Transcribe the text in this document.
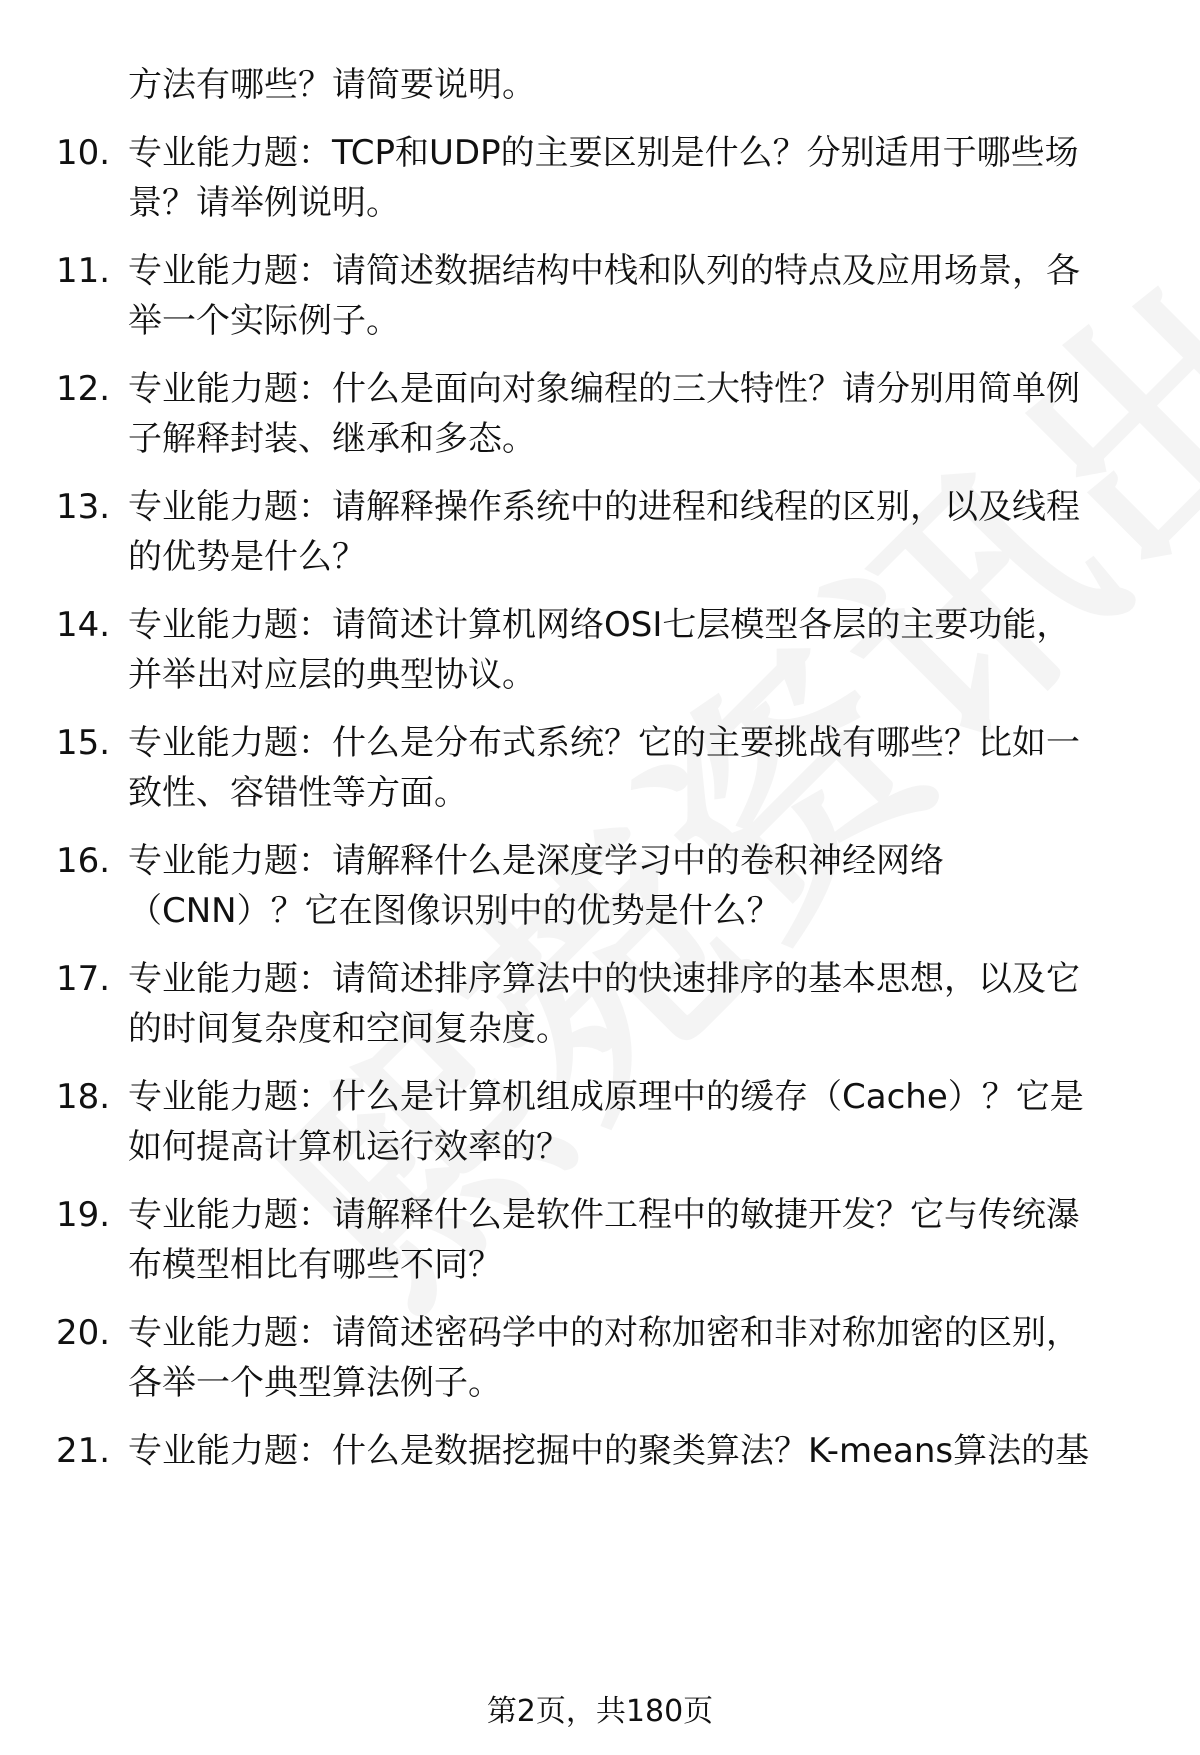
方法有哪些？请简要说明。
10. 专业能力题：TCP和UDP的主要区别是什么？分别适用于哪些场
景？请举例说明。
11. 专业能力题：请简述数据结构中栈和队列的特点及应用场景，各
举一个实际例子。
12. 专业能力题：什么是面向对象编程的三大特性？请分别用简单例
子解释封装、继承和多态。
13. 专业能力题：请解释操作系统中的进程和线程的区别，以及线程
的优势是什么？
14. 专业能力题：请简述计算机网络OSI七层模型各层的主要功能，
并举出对应层的典型协议。
15. 专业能力题：什么是分布式系统？它的主要挑战有哪些？比如一
致性、容错性等方面。
16. 专业能力题：请解释什么是深度学习中的卷积神经网络
（CNN）？它在图像识别中的优势是什么？
17. 专业能力题：请简述排序算法中的快速排序的基本思想，以及它
的时间复杂度和空间复杂度。
18. 专业能力题：什么是计算机组成原理中的缓存（Cache）？它是
如何提高计算机运行效率的？
19. 专业能力题：请解释什么是软件工程中的敏捷开发？它与传统瀑
布模型相比有哪些不同？
20. 专业能力题：请简述密码学中的对称加密和非对称加密的区别，
各举一个典型算法例子。
21. 专业能力题：什么是数据挖掘中的聚类算法？K-means算法的基
第2页，共180页
